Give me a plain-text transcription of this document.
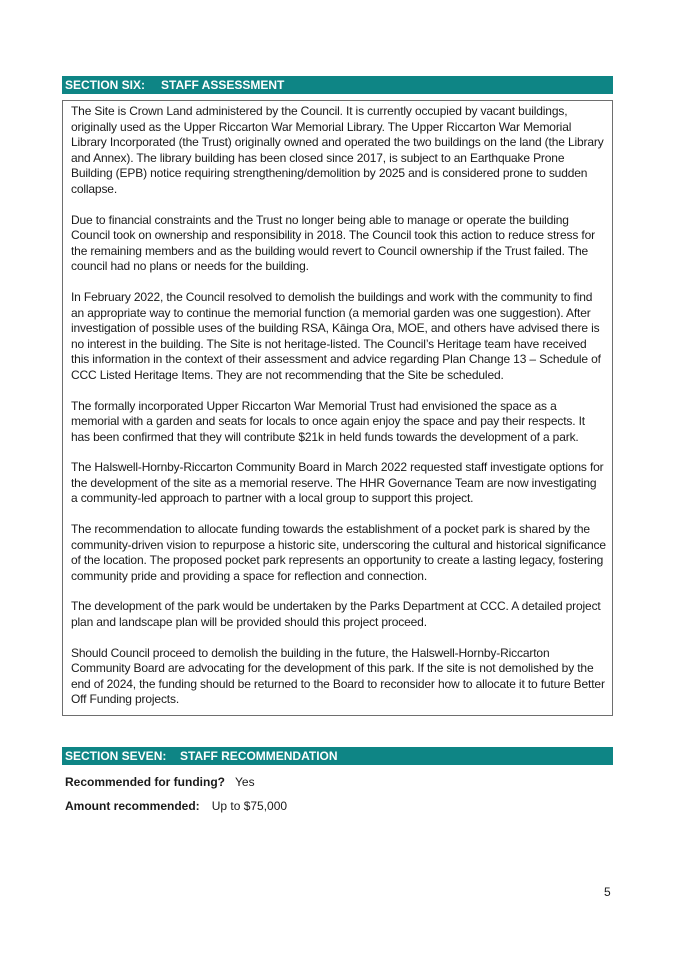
SECTION SIX: STAFF ASSESSMENT

The Site is Crown Land administered by the Council. It is currently occupied by vacant buildings, originally used as the Upper Riccarton War Memorial Library. The Upper Riccarton War Memorial Library Incorporated (the Trust) originally owned and operated the two buildings on the land (the Library and Annex). The library building has been closed since 2017, is subject to an Earthquake Prone Building (EPB) notice requiring strengthening/demolition by 2025 and is considered prone to sudden collapse.

Due to financial constraints and the Trust no longer being able to manage or operate the building Council took on ownership and responsibility in 2018. The Council took this action to reduce stress for the remaining members and as the building would revert to Council ownership if the Trust failed. The council had no plans or needs for the building.

In February 2022, the Council resolved to demolish the buildings and work with the community to find an appropriate way to continue the memorial function (a memorial garden was one suggestion). After investigation of possible uses of the building RSA, Kāinga Ora, MOE, and others have advised there is no interest in the building. The Site is not heritage-listed. The Council’s Heritage team have received this information in the context of their assessment and advice regarding Plan Change 13 – Schedule of CCC Listed Heritage Items. They are not recommending that the Site be scheduled.

The formally incorporated Upper Riccarton War Memorial Trust had envisioned the space as a memorial with a garden and seats for locals to once again enjoy the space and pay their respects. It has been confirmed that they will contribute $21k in held funds towards the development of a park.

The Halswell-Hornby-Riccarton Community Board in March 2022 requested staff investigate options for the development of the site as a memorial reserve. The HHR Governance Team are now investigating a community-led approach to partner with a local group to support this project.

The recommendation to allocate funding towards the establishment of a pocket park is shared by the community-driven vision to repurpose a historic site, underscoring the cultural and historical significance of the location. The proposed pocket park represents an opportunity to create a lasting legacy, fostering community pride and providing a space for reflection and connection.

The development of the park would be undertaken by the Parks Department at CCC. A detailed project plan and landscape plan will be provided should this project proceed.

Should Council proceed to demolish the building in the future, the Halswell-Hornby-Riccarton Community Board are advocating for the development of this park. If the site is not demolished by the end of 2024, the funding should be returned to the Board to reconsider how to allocate it to future Better Off Funding projects.

SECTION SEVEN: STAFF RECOMMENDATION
Recommended for funding? Yes
Amount recommended: Up to $75,000
5
